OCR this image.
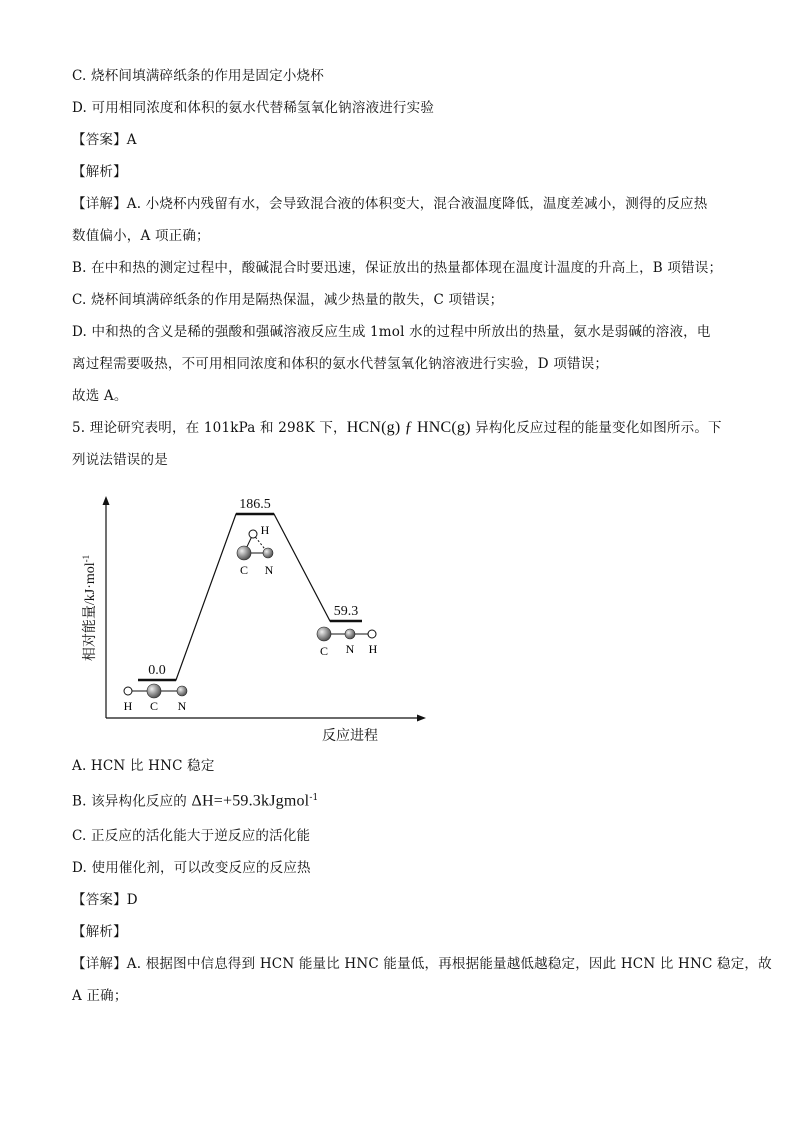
C. 烧杯间填满碎纸条的作用是固定小烧杯
D. 可用相同浓度和体积的氨水代替稀氢氧化钠溶液进行实验
【答案】A
【解析】
【详解】A. 小烧杯内残留有水，会导致混合液的体积变大，混合液温度降低，温度差减小，测得的反应热
数值偏小，A 项正确；
B. 在中和热的测定过程中，酸碱混合时要迅速，保证放出的热量都体现在温度计温度的升高上，B 项错误；
C. 烧杯间填满碎纸条的作用是隔热保温，减少热量的散失，C 项错误；
D. 中和热的含义是稀的强酸和强碱溶液反应生成 1mol 水的过程中所放出的热量，氨水是弱碱的溶液，电
离过程需要吸热，不可用相同浓度和体积的氨水代替氢氧化钠溶液进行实验，D 项错误；
故选 A。
5. 理论研究表明，在 101kPa 和 298K 下，HCN(g) ƒ HNC(g) 异构化反应过程的能量变化如图所示。下
列说法错误的是
相对能量/kJ·mol$^{-1}$
反应进程
0.0
186.5
59.3
H C N
H
C N
C N H
A. HCN 比 HNC 稳定
B. 该异构化反应的 ΔH=+59.3kJgmol$^{-1}$
C. 正反应的活化能大于逆反应的活化能
D. 使用催化剂，可以改变反应的反应热
【答案】D
【解析】
【详解】A. 根据图中信息得到 HCN 能量比 HNC 能量低，再根据能量越低越稳定，因此 HCN 比 HNC 稳定，故
A 正确；
